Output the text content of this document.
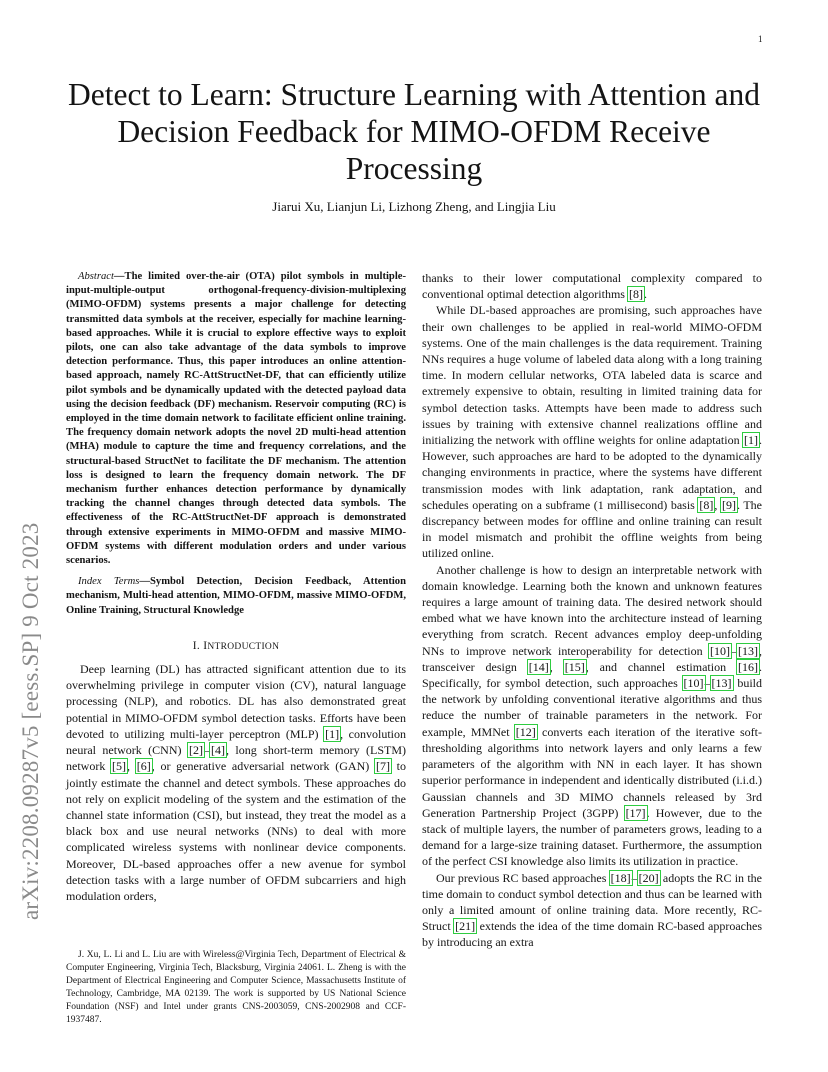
1
arXiv:2208.09287v5 [eess.SP] 9 Oct 2023
Detect to Learn: Structure Learning with Attention and Decision Feedback for MIMO-OFDM Receive Processing
Jiarui Xu, Lianjun Li, Lizhong Zheng, and Lingjia Liu

Abstract—The limited over-the-air (OTA) pilot symbols in multiple-input-multiple-output orthogonal-frequency-division-multiplexing (MIMO-OFDM) systems presents a major challenge for detecting transmitted data symbols at the receiver, especially for machine learning-based approaches. While it is crucial to explore effective ways to exploit pilots, one can also take advantage of the data symbols to improve detection performance. Thus, this paper introduces an online attention-based approach, namely RC-AttStructNet-DF, that can efficiently utilize pilot symbols and be dynamically updated with the detected payload data using the decision feedback (DF) mechanism. Reservoir computing (RC) is employed in the time domain network to facilitate efficient online training. The frequency domain network adopts the novel 2D multi-head attention (MHA) module to capture the time and frequency correlations, and the structural-based StructNet to facilitate the DF mechanism. The attention loss is designed to learn the frequency domain network. The DF mechanism further enhances detection performance by dynamically tracking the channel changes through detected data symbols. The effectiveness of the RC-AttStructNet-DF approach is demonstrated through extensive experiments in MIMO-OFDM and massive MIMO-OFDM systems with different modulation orders and under various scenarios.

Index Terms—Symbol Detection, Decision Feedback, Attention mechanism, Multi-head attention, MIMO-OFDM, massive MIMO-OFDM, Online Training, Structural Knowledge

I. INTRODUCTION

Deep learning (DL) has attracted significant attention due to its overwhelming privilege in computer vision (CV), natural language processing (NLP), and robotics. DL has also demonstrated great potential in MIMO-OFDM symbol detection tasks. Efforts have been devoted to utilizing multi-layer perceptron (MLP) [1], convolution neural network (CNN) [2]–[4], long short-term memory (LSTM) network [5], [6], or generative adversarial network (GAN) [7] to jointly estimate the channel and detect symbols. These approaches do not rely on explicit modeling of the system and the estimation of the channel state information (CSI), but instead, they treat the model as a black box and use neural networks (NNs) to deal with more complicated wireless systems with nonlinear device components. Moreover, DL-based approaches offer a new avenue for symbol detection tasks with a large number of OFDM subcarriers and high modulation orders,

J. Xu, L. Li and L. Liu are with Wireless@Virginia Tech, Department of Electrical & Computer Engineering, Virginia Tech, Blacksburg, Virginia 24061. L. Zheng is with the Department of Electrical Engineering and Computer Science, Massachusetts Institute of Technology, Cambridge, MA 02139. The work is supported by US National Science Foundation (NSF) and Intel under grants CNS-2003059, CNS-2002908 and CCF-1937487.

thanks to their lower computational complexity compared to conventional optimal detection algorithms [8].

While DL-based approaches are promising, such approaches have their own challenges to be applied in real-world MIMO-OFDM systems. One of the main challenges is the data requirement. Training NNs requires a huge volume of labeled data along with a long training time. In modern cellular networks, OTA labeled data is scarce and extremely expensive to obtain, resulting in limited training data for symbol detection tasks. Attempts have been made to address such issues by training with extensive channel realizations offline and initializing the network with offline weights for online adaptation [1]. However, such approaches are hard to be adopted to the dynamically changing environments in practice, where the systems have different transmission modes with link adaptation, rank adaptation, and schedules operating on a subframe (1 millisecond) basis [8], [9]. The discrepancy between modes for offline and online training can result in model mismatch and prohibit the offline weights from being utilized online.

Another challenge is how to design an interpretable network with domain knowledge. Learning both the known and unknown features requires a large amount of training data. The desired network should embed what we have known into the architecture instead of learning everything from scratch. Recent advances employ deep-unfolding NNs to improve network interoperability for detection [10]–[13], transceiver design [14], [15], and channel estimation [16]. Specifically, for symbol detection, such approaches [10]–[13] build the network by unfolding conventional iterative algorithms and thus reduce the number of trainable parameters in the network. For example, MMNet [12] converts each iteration of the iterative soft-thresholding algorithms into network layers and only learns a few parameters of the algorithm with NN in each layer. It has shown superior performance in independent and identically distributed (i.i.d.) Gaussian channels and 3D MIMO channels released by 3rd Generation Partnership Project (3GPP) [17]. However, due to the stack of multiple layers, the number of parameters grows, leading to a demand for a large-size training dataset. Furthermore, the assumption of the perfect CSI knowledge also limits its utilization in practice.

Our previous RC based approaches [18]–[20] adopts the RC in the time domain to conduct symbol detection and thus can be learned with only a limited amount of online training data. More recently, RC-Struct [21] extends the idea of the time domain RC-based approaches by introducing an extra
